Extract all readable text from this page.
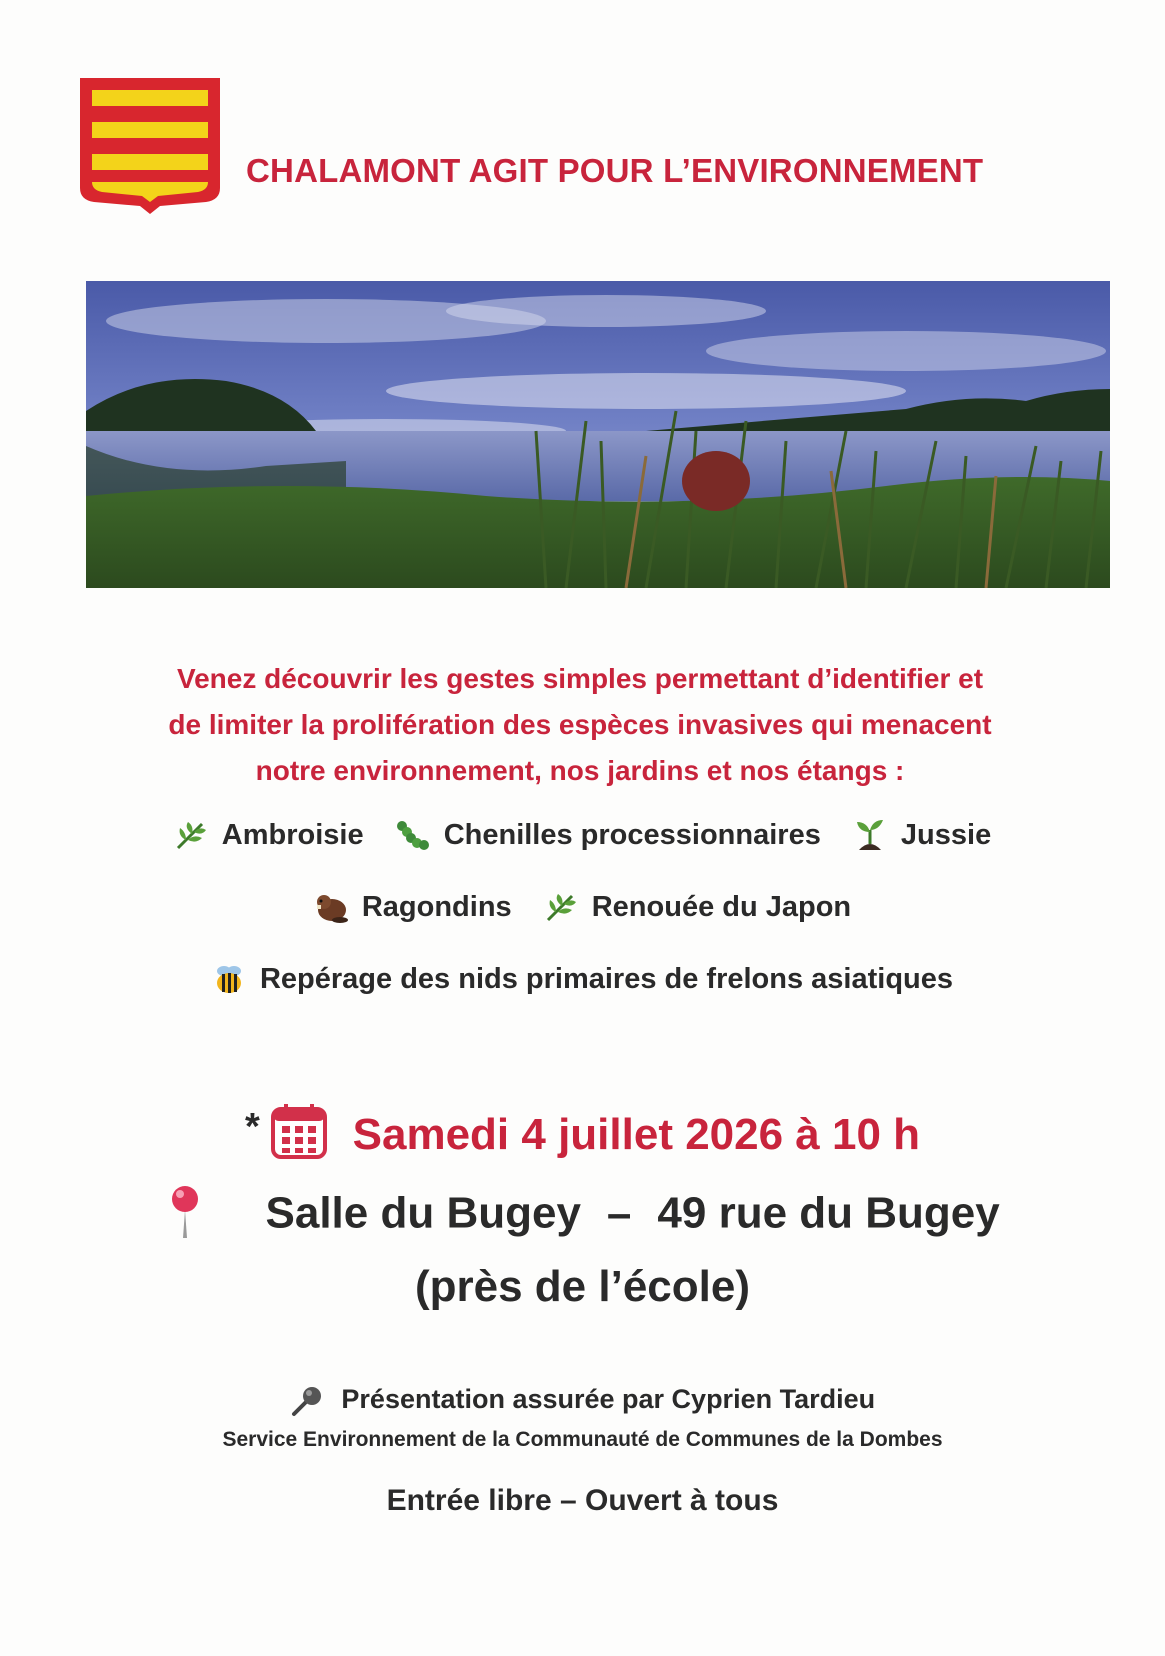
CHALAMONT AGIT POUR L’ENVIRONNEMENT
Venez découvrir les gestes simples permettant d’identifier et
de limiter la prolifération des espèces invasives qui menacent
notre environnement, nos jardins et nos étangs :
Ambroisie
	Chenilles processionnaires
	Jussie
Ragondins
	Renouée du Japon
Repérage des nids primaires de frelons asiatiques
* Samedi 4 juillet 2026 à 10 h
Salle du Bugey – 49 rue du Bugey
(près de l’école)
Présentation assurée par Cyprien Tardieu
Service Environnement de la Communauté de Communes de la Dombes
Entrée libre – Ouvert à tous
